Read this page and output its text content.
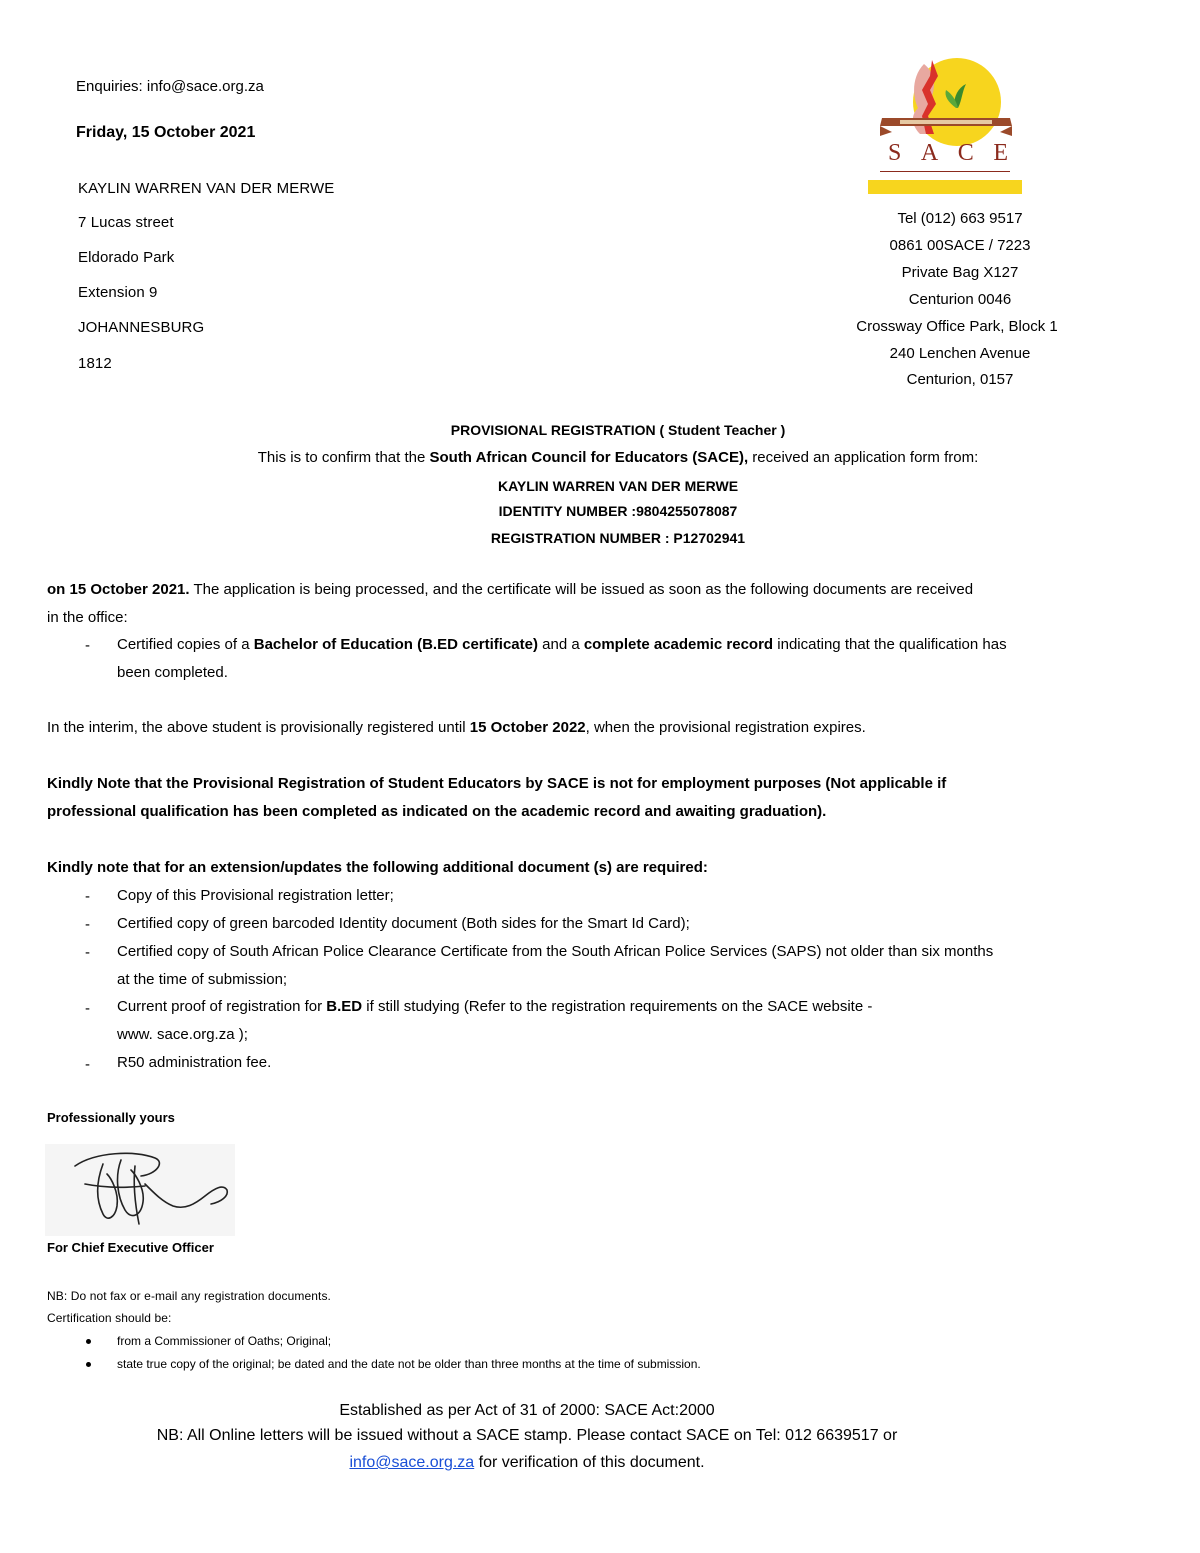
Enquiries: info@sace.org.za
Friday, 15 October 2021
KAYLIN WARREN VAN DER MERWE
7 Lucas street
Eldorado Park
Extension 9
JOHANNESBURG
1812
S A C E
Tel (012) 663 9517
0861 00SACE / 7223
Private Bag X127
Centurion 0046
Crossway Office Park, Block 1
240 Lenchen Avenue
Centurion, 0157
PROVISIONAL REGISTRATION ( Student Teacher )
This is to confirm that the South African Council for Educators (SACE), received an application form from:
KAYLIN WARREN VAN DER MERWE
IDENTITY NUMBER :9804255078087
REGISTRATION NUMBER : P12702941
on 15 October 2021. The application is being processed, and the certificate will be issued as soon as the following documents are received
in the office:
- Certified copies of a Bachelor of Education (B.ED certificate) and a complete academic record indicating that the qualification has
been completed.
In the interim, the above student is provisionally registered until 15 October 2022, when the provisional registration expires.
Kindly Note that the Provisional Registration of Student Educators by SACE is not for employment purposes (Not applicable if
professional qualification has been completed as indicated on the academic record and awaiting graduation).
Kindly note that for an extension/updates the following additional document (s) are required:
- Copy of this Provisional registration letter;
- Certified copy of green barcoded Identity document (Both sides for the Smart Id Card);
- Certified copy of South African Police Clearance Certificate from the South African Police Services (SAPS) not older than six months
at the time of submission;
- Current proof of registration for B.ED if still studying (Refer to the registration requirements on the SACE website -
www. sace.org.za );
- R50 administration fee.
Professionally yours
For Chief Executive Officer
NB: Do not fax or e-mail any registration documents.
Certification should be:
from a Commissioner of Oaths; Original;
state true copy of the original; be dated and the date not be older than three months at the time of submission.
Established as per Act of 31 of 2000: SACE Act:2000
NB: All Online letters will be issued without a SACE stamp. Please contact SACE on Tel: 012 6639517 or
info@sace.org.za for verification of this document.
